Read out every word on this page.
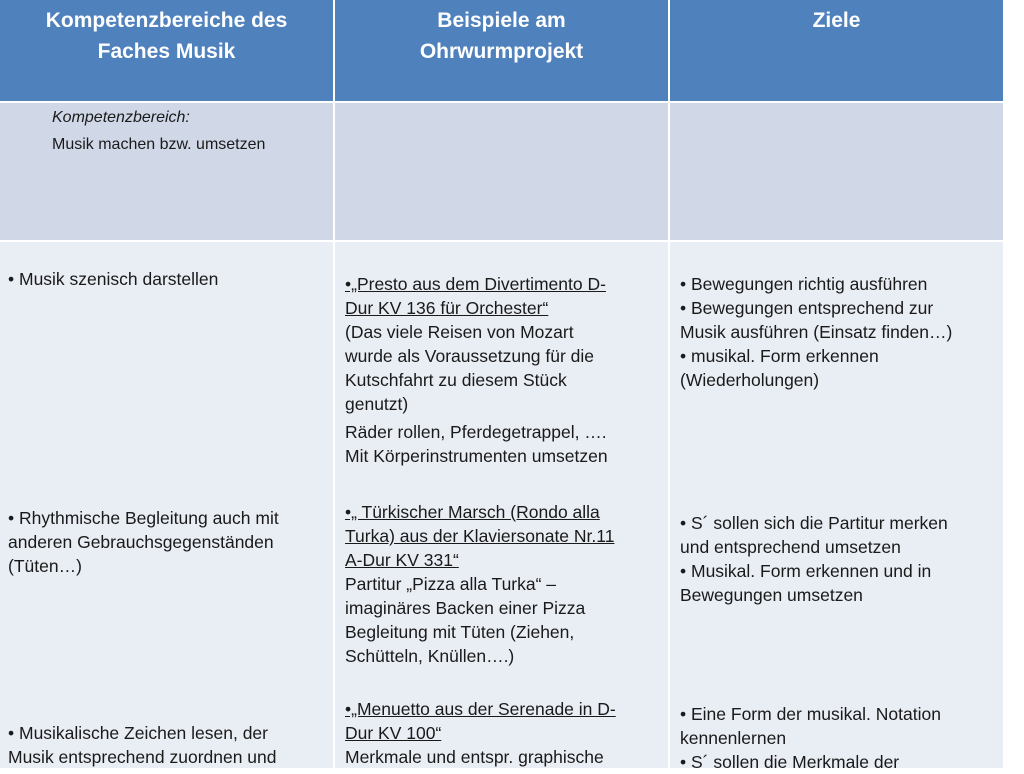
Kompetenzbereiche des
Faches Musik
Beispiele am
Ohrwurmprojekt
Ziele
Kompetenzbereich:
Musik machen bzw. umsetzen
• Musik szenisch darstellen	•„Presto aus dem Divertimento D-
Dur KV 136 für Orchester“
(Das viele Reisen von Mozart
wurde als Voraussetzung für die
Kutschfahrt zu diesem Stück
genutzt)
Räder rollen, Pferdegetrappel, ….
Mit Körperinstrumenten umsetzen
• Bewegungen richtig ausführen
• Bewegungen entsprechend zur
Musik ausführen (Einsatz finden…)
• musikal. Form erkennen
(Wiederholungen)
• Rhythmische Begleitung auch mit
anderen Gebrauchsgegenständen
(Tüten…)
•„ Türkischer Marsch (Rondo alla
Turka) aus der Klaviersonate Nr.11
A-Dur KV 331“
Partitur „Pizza alla Turka“ –
imaginäres Backen einer Pizza
Begleitung mit Tüten (Ziehen,
Schütteln, Knüllen….)
• S´ sollen sich die Partitur merken
und entsprechend umsetzen
• Musikal. Form erkennen und in
Bewegungen umsetzen
• Musikalische Zeichen lesen, der
Musik entsprechend zuordnen und
•„Menuetto aus der Serenade in D-
Dur KV 100“
Merkmale und entspr. graphische
• Eine Form der musikal. Notation
kennenlernen
• S´ sollen die Merkmale der
